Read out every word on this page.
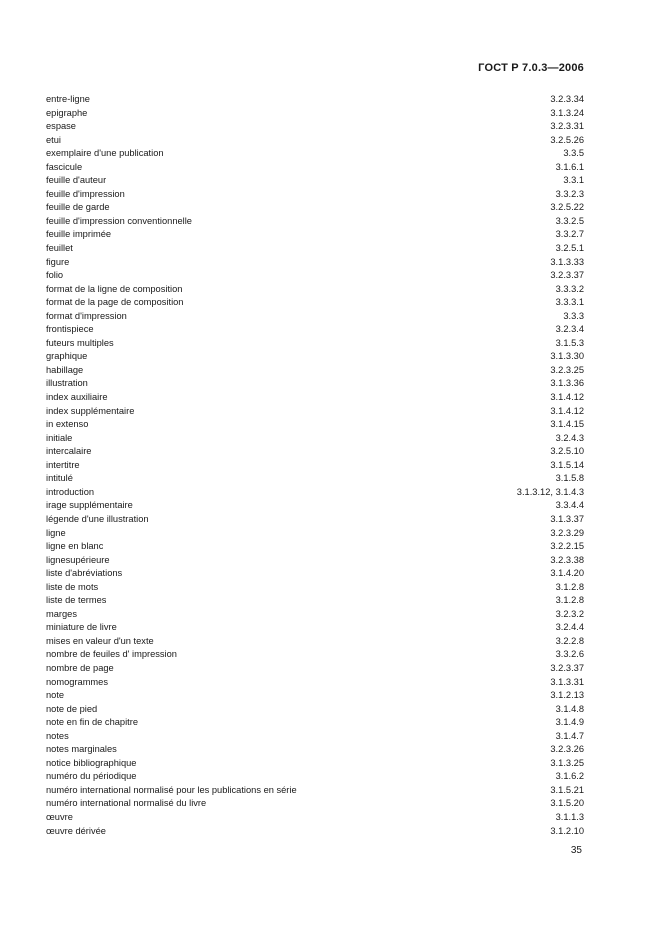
ГОСТ Р 7.0.3—2006
entre-ligne	3.2.3.34
epigraphe	3.1.3.24
espase	3.2.3.31
etui	3.2.5.26
exemplaire d'une publication	3.3.5
fascicule	3.1.6.1
feuille d'auteur	3.3.1
feuille d'impression	3.3.2.3
feuille de garde	3.2.5.22
feuille d'impression conventionnelle	3.3.2.5
feuille imprimée	3.3.2.7
feuillet	3.2.5.1
figure	3.1.3.33
folio	3.2.3.37
format de la ligne de composition	3.3.3.2
format de la page de composition	3.3.3.1
format d'impression	3.3.3
frontispiece	3.2.3.4
futeurs multiples	3.1.5.3
graphique	3.1.3.30
habillage	3.2.3.25
illustration	3.1.3.36
index auxiliaire	3.1.4.12
index supplémentaire	3.1.4.12
in extenso	3.1.4.15
initiale	3.2.4.3
intercalaire	3.2.5.10
intertitre	3.1.5.14
intitulé	3.1.5.8
introduction	3.1.3.12, 3.1.4.3
irage supplémentaire	3.3.4.4
légende d'une illustration	3.1.3.37
ligne	3.2.3.29
ligne en blanc	3.2.2.15
lignesupérieure	3.2.3.38
liste d'abréviations	3.1.4.20
liste de mots	3.1.2.8
liste de termes	3.1.2.8
marges	3.2.3.2
miniature de livre	3.2.4.4
mises en valeur d'un texte	3.2.2.8
nombre de feuiles d' impression	3.3.2.6
nombre de page	3.2.3.37
nomogrammes	3.1.3.31
note	3.1.2.13
note de pied	3.1.4.8
note en fin de chapitre	3.1.4.9
notes	3.1.4.7
notes marginales	3.2.3.26
notice bibliographique	3.1.3.25
numéro du périodique	3.1.6.2
numéro international normalisé pour les publications en série	3.1.5.21
numéro international normalisé du livre	3.1.5.20
œuvre	3.1.1.3
œuvre dérivée	3.1.2.10
35
